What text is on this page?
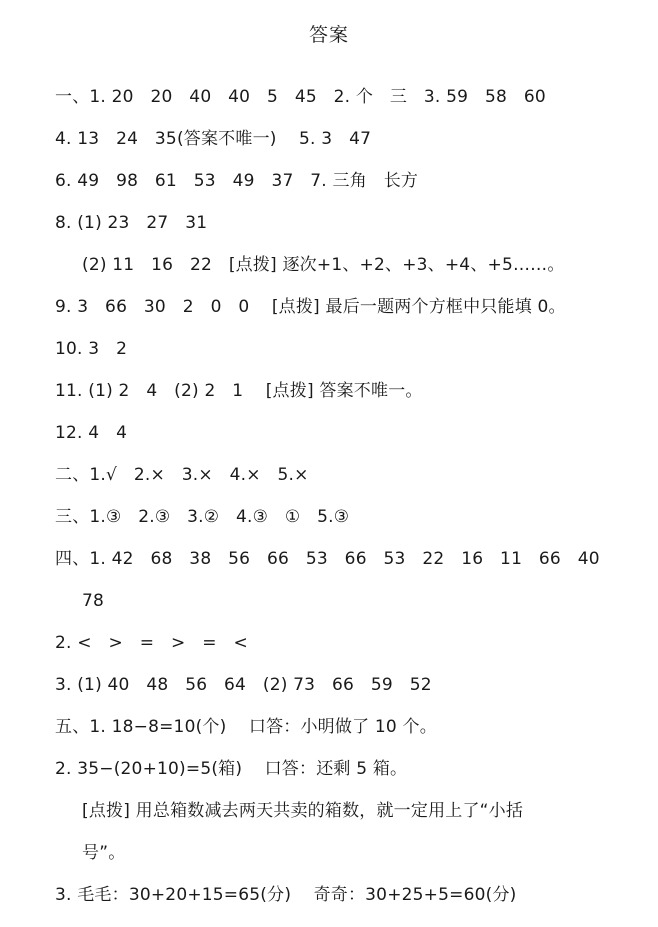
答案
一、1. 20   20   40   40   5   45   2. 个   三   3. 59   58   60
4. 13   24   35(答案不唯一)    5. 3   47
6. 49   98   61   53   49   37   7. 三角   长方
8. (1) 23   27   31
(2) 11   16   22   [点拨] 逐次+1、+2、+3、+4、+5……。
9. 3   66   30   2   0   0    [点拨] 最后一题两个方框中只能填 0。
10. 3   2
11. (1) 2   4   (2) 2   1    [点拨] 答案不唯一。
12. 4   4
二、1.√   2.×   3.×   4.×   5.×
三、1.③   2.③   3.②   4.③   ①   5.③
四、1. 42   68   38   56   66   53   66   53   22   16   11   66   40
78
2. <   >   =   >   =   <
3. (1) 40   48   56   64   (2) 73   66   59   52
五、1. 18−8=10(个)    口答：小明做了 10 个。
2. 35−(20+10)=5(箱)    口答：还剩 5 箱。
[点拨] 用总箱数减去两天共卖的箱数，就一定用上了“小括
号”。
3. 毛毛：30+20+15=65(分)    奇奇：30+25+5=60(分)
